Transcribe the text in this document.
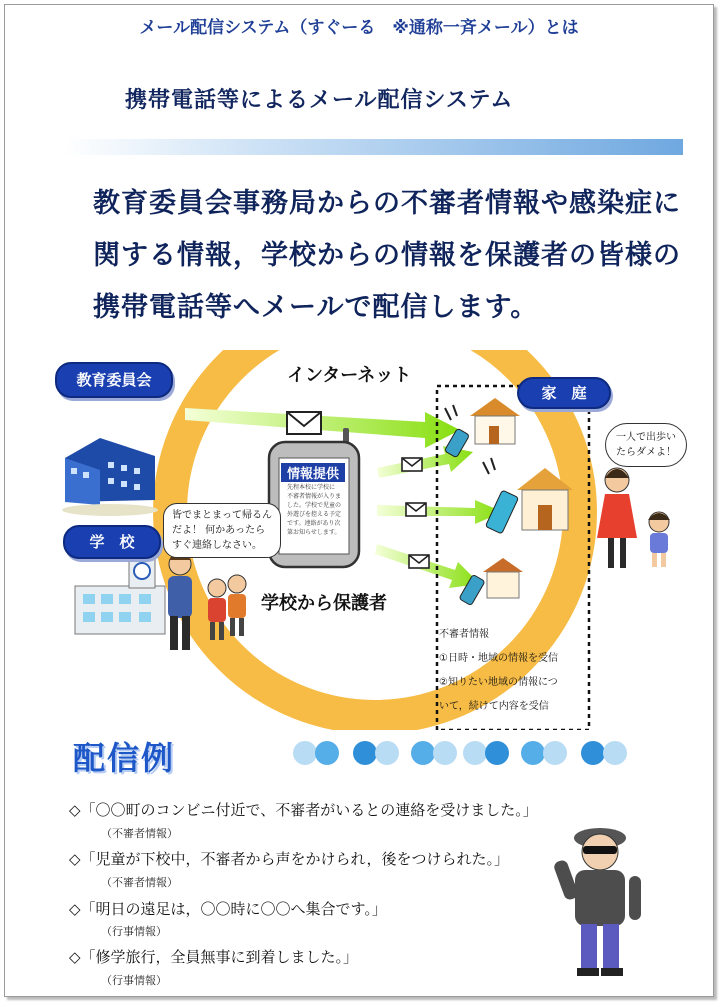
メール配信システム（すぐーる　※通称一斉メール）とは
携帯電話等によるメール配信システム
教育委員会事務局からの不審者情報や感染症に
関する情報，学校からの情報を保護者の皆様の
携帯電話等へメールで配信します。
教育委員会
学　校
家　庭
インターネット
情報提供
先程本校に学校に
不審者情報が入りま
した。学校で児童の
外遊びを控える予定
です。連絡があり次
第お知らせします。
学校から保護者
皆でまとまって帰るん
だよ！ 何かあったら
すぐ連絡しなさい。
一人で出歩い
たらダメよ！
不審者情報
①日時・地域の情報を受信
②知りたい地域の情報につ
いて，続けて内容を受信
配信例
◇「〇〇町のコンビニ付近で、不審者がいるとの連絡を受けました。」
（不審者情報）
◇「児童が下校中，不審者から声をかけられ，後をつけられた。」
（不審者情報）
◇「明日の遠足は，〇〇時に〇〇へ集合です。」
（行事情報）
◇「修学旅行，全員無事に到着しました。」
（行事情報）
